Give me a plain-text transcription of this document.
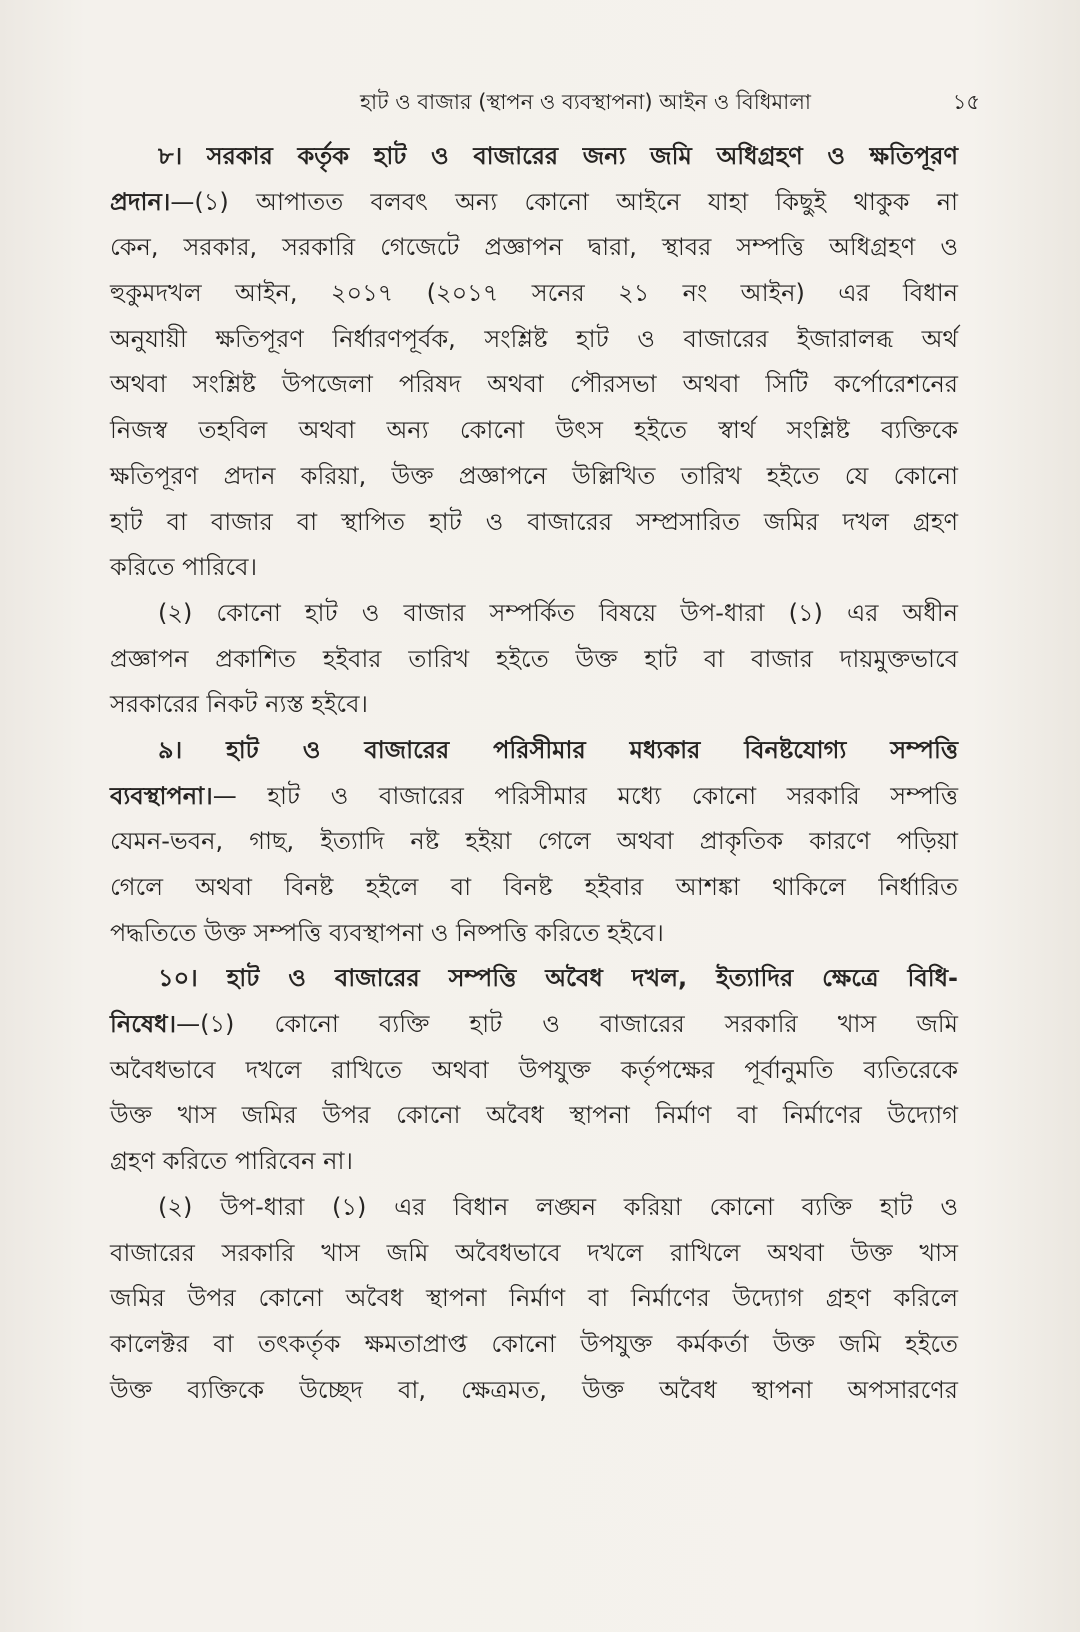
হাট ও বাজার (স্থাপন ও ব্যবস্থাপনা) আইন ও বিধিমালা	১৫
৮। সরকার কর্তৃক হাট ও বাজারের জন্য জমি অধিগ্রহণ ও ক্ষতিপূরণ
প্রদান।—(১) আপাতত বলবৎ অন্য কোনো আইনে যাহা কিছুই থাকুক না
কেন, সরকার, সরকারি গেজেটে প্রজ্ঞাপন দ্বারা, স্থাবর সম্পত্তি অধিগ্রহণ ও
হুকুমদখল আইন, ২০১৭ (২০১৭ সনের ২১ নং আইন) এর বিধান
অনুযায়ী ক্ষতিপূরণ নির্ধারণপূর্বক, সংশ্লিষ্ট হাট ও বাজারের ইজারালব্ধ অর্থ
অথবা সংশ্লিষ্ট উপজেলা পরিষদ অথবা পৌরসভা অথবা সিটি কর্পোরেশনের
নিজস্ব তহবিল অথবা অন্য কোনো উৎস হইতে স্বার্থ সংশ্লিষ্ট ব্যক্তিকে
ক্ষতিপূরণ প্রদান করিয়া, উক্ত প্রজ্ঞাপনে উল্লিখিত তারিখ হইতে যে কোনো
হাট বা বাজার বা স্থাপিত হাট ও বাজারের সম্প্রসারিত জমির দখল গ্রহণ
করিতে পারিবে।
(২) কোনো হাট ও বাজার সম্পর্কিত বিষয়ে উপ-ধারা (১) এর অধীন
প্রজ্ঞাপন প্রকাশিত হইবার তারিখ হইতে উক্ত হাট বা বাজার দায়মুক্তভাবে
সরকারের নিকট ন্যস্ত হইবে।
৯। হাট ও বাজারের পরিসীমার মধ্যকার বিনষ্টযোগ্য সম্পত্তি
ব্যবস্থাপনা।— হাট ও বাজারের পরিসীমার মধ্যে কোনো সরকারি সম্পত্তি
যেমন-ভবন, গাছ, ইত্যাদি নষ্ট হইয়া গেলে অথবা প্রাকৃতিক কারণে পড়িয়া
গেলে অথবা বিনষ্ট হইলে বা বিনষ্ট হইবার আশঙ্কা থাকিলে নির্ধারিত
পদ্ধতিতে উক্ত সম্পত্তি ব্যবস্থাপনা ও নিষ্পত্তি করিতে হইবে।
১০। হাট ও বাজারের সম্পত্তি অবৈধ দখল, ইত্যাদির ক্ষেত্রে বিধি-
নিষেধ।—(১) কোনো ব্যক্তি হাট ও বাজারের সরকারি খাস জমি
অবৈধভাবে দখলে রাখিতে অথবা উপযুক্ত কর্তৃপক্ষের পূর্বানুমতি ব্যতিরেকে
উক্ত খাস জমির উপর কোনো অবৈধ স্থাপনা নির্মাণ বা নির্মাণের উদ্যোগ
গ্রহণ করিতে পারিবেন না।
(২) উপ-ধারা (১) এর বিধান লঙ্ঘন করিয়া কোনো ব্যক্তি হাট ও
বাজারের সরকারি খাস জমি অবৈধভাবে দখলে রাখিলে অথবা উক্ত খাস
জমির উপর কোনো অবৈধ স্থাপনা নির্মাণ বা নির্মাণের উদ্যোগ গ্রহণ করিলে
কালেক্টর বা তৎকর্তৃক ক্ষমতাপ্রাপ্ত কোনো উপযুক্ত কর্মকর্তা উক্ত জমি হইতে
উক্ত ব্যক্তিকে উচ্ছেদ বা, ক্ষেত্রমত, উক্ত অবৈধ স্থাপনা অপসারণের
